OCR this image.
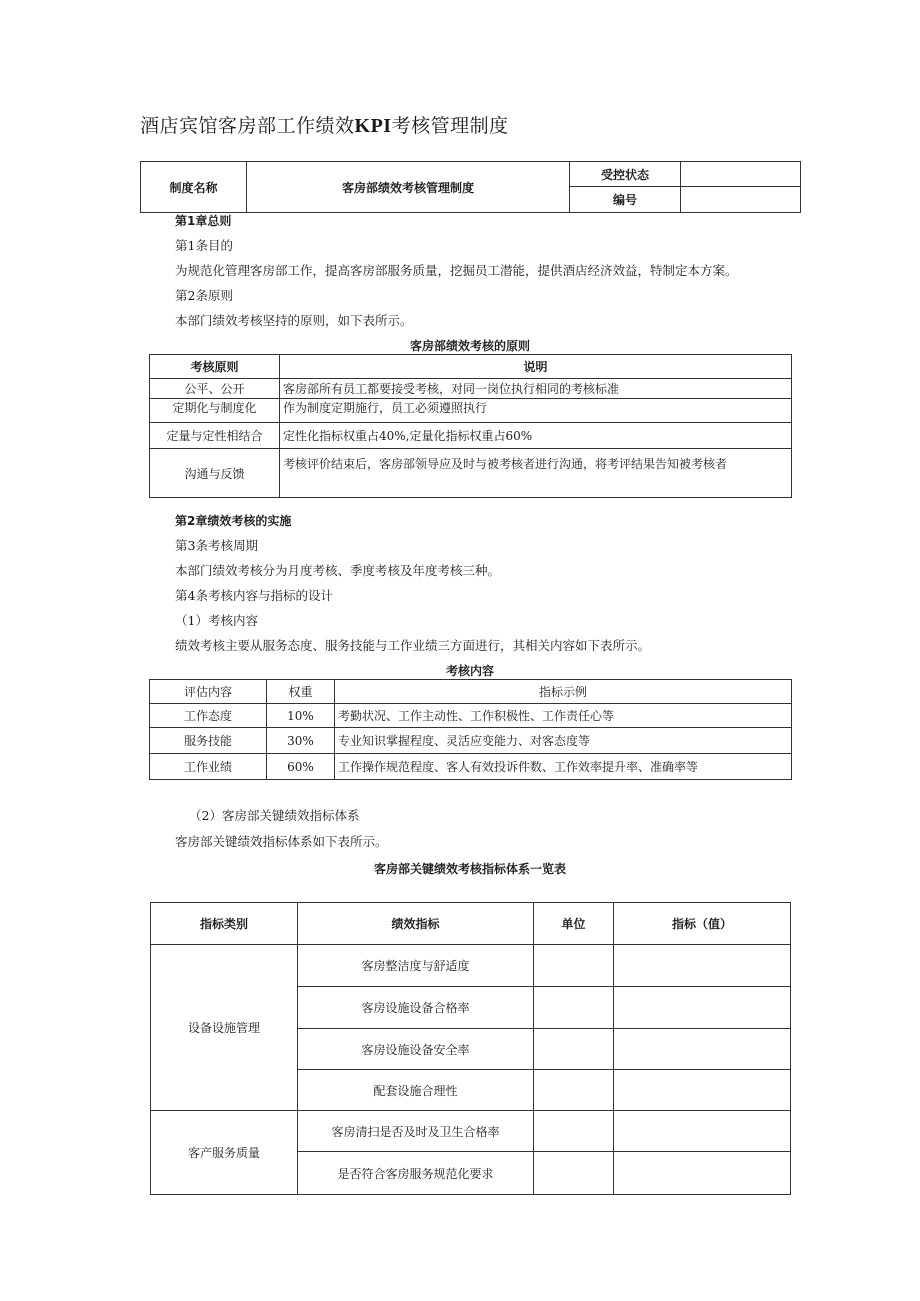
酒店宾馆客房部工作绩效KPI考核管理制度
制度名称	客房部绩效考核管理制度	受控状态	
		编号	
第1章总则
第1条目的
为规范化管理客房部工作，提高客房部服务质量，挖掘员工潜能，提供酒店经济效益，特制定本方案。
第2条原则
本部门绩效考核坚持的原则，如下表所示。
客房部绩效考核的原则
考核原则	说明
公平、公开	客房部所有员工都要接受考核，对同一岗位执行相同的考核标准
定期化与制度化	作为制度定期施行，员工必须遵照执行
定量与定性相结合	定性化指标权重占40%,定量化指标权重占60%
沟通与反馈	考核评价结束后，客房部领导应及时与被考核者进行沟通，将考评结果告知被考核者
第2章绩效考核的实施
第3条考核周期
本部门绩效考核分为月度考核、季度考核及年度考核三种。
第4条考核内容与指标的设计
（1）考核内容
绩效考核主要从服务态度、服务技能与工作业绩三方面进行，其相关内容如下表所示。
考核内容
评估内容	权重	指标示例
工作态度	10%	考勤状况、工作主动性、工作积极性、工作责任心等
服务技能	30%	专业知识掌握程度、灵活应变能力、对客态度等
工作业绩	60%	工作操作规范程度、客人有效投诉件数、工作效率提升率、准确率等
（2）客房部关键绩效指标体系
客房部关键绩效指标体系如下表所示。
客房部关键绩效考核指标体系一览表
指标类别	绩效指标	单位	指标（值）
设备设施管理	客房整洁度与舒适度		
	客房设施设备合格率		
	客房设施设备安全率		
	配套设施合理性		
客产服务质量	客房清扫是否及时及卫生合格率		
	是否符合客房服务规范化要求		
